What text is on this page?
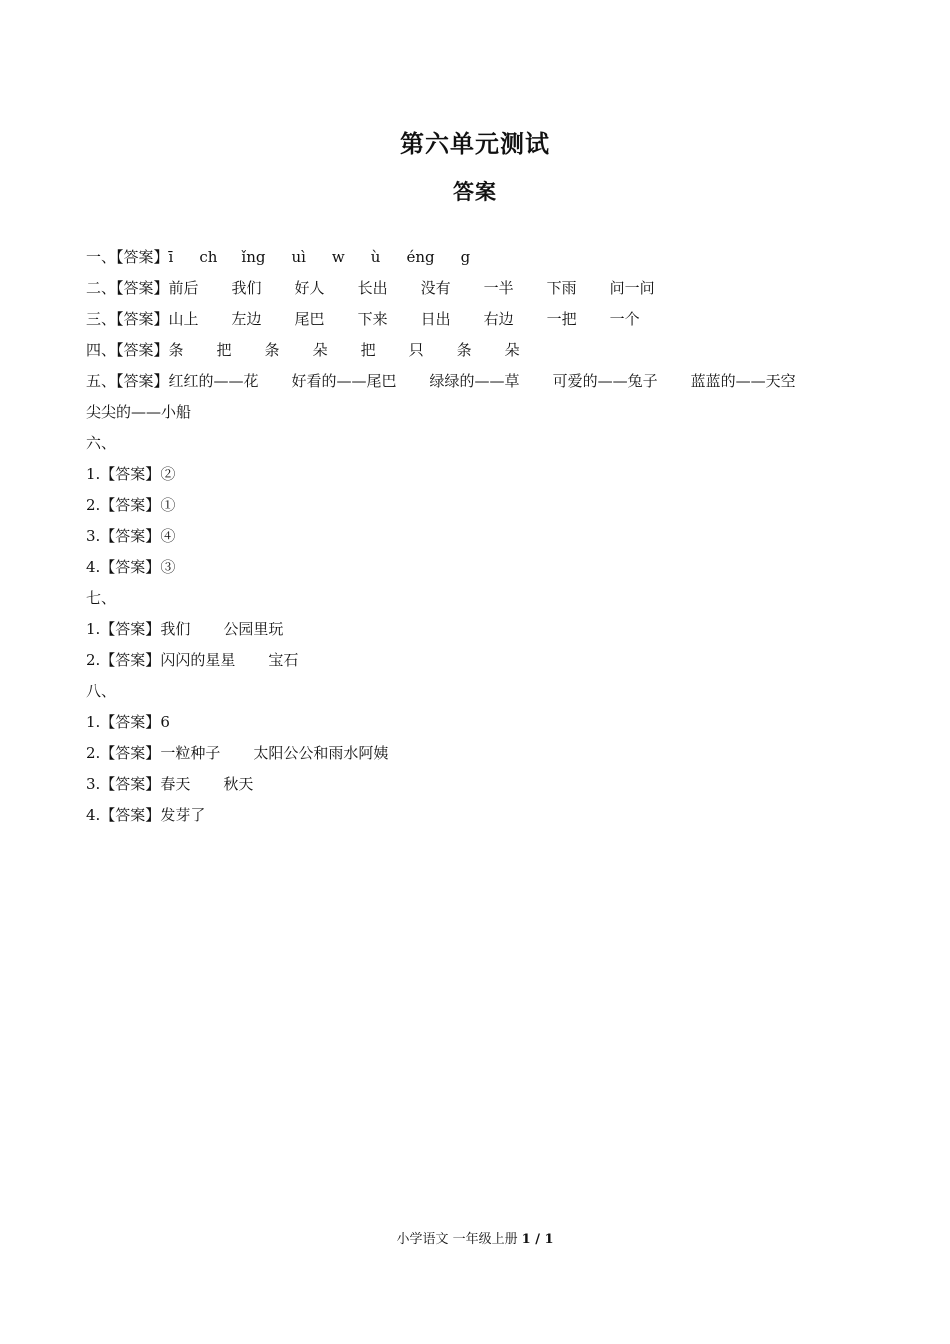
第六单元测试
答案
一、【答案】ī ch ǐng uì w ù éng g
二、【答案】前后 我们 好人 长出 没有 一半 下雨 问一问
三、【答案】山上 左边 尾巴 下来 日出 右边 一把 一个
四、【答案】条 把 条 朵 把 只 条 朵
五、【答案】红红的——花 好看的——尾巴 绿绿的——草 可爱的——兔子 蓝蓝的——天空
尖尖的——小船
六、
1.【答案】②
2.【答案】①
3.【答案】④
4.【答案】③
七、
1.【答案】我们 公园里玩
2.【答案】闪闪的星星 宝石
八、
1.【答案】6
2.【答案】一粒种子 太阳公公和雨水阿姨
3.【答案】春天 秋天
4.【答案】发芽了
小学语文 一年级上册 1 / 1
